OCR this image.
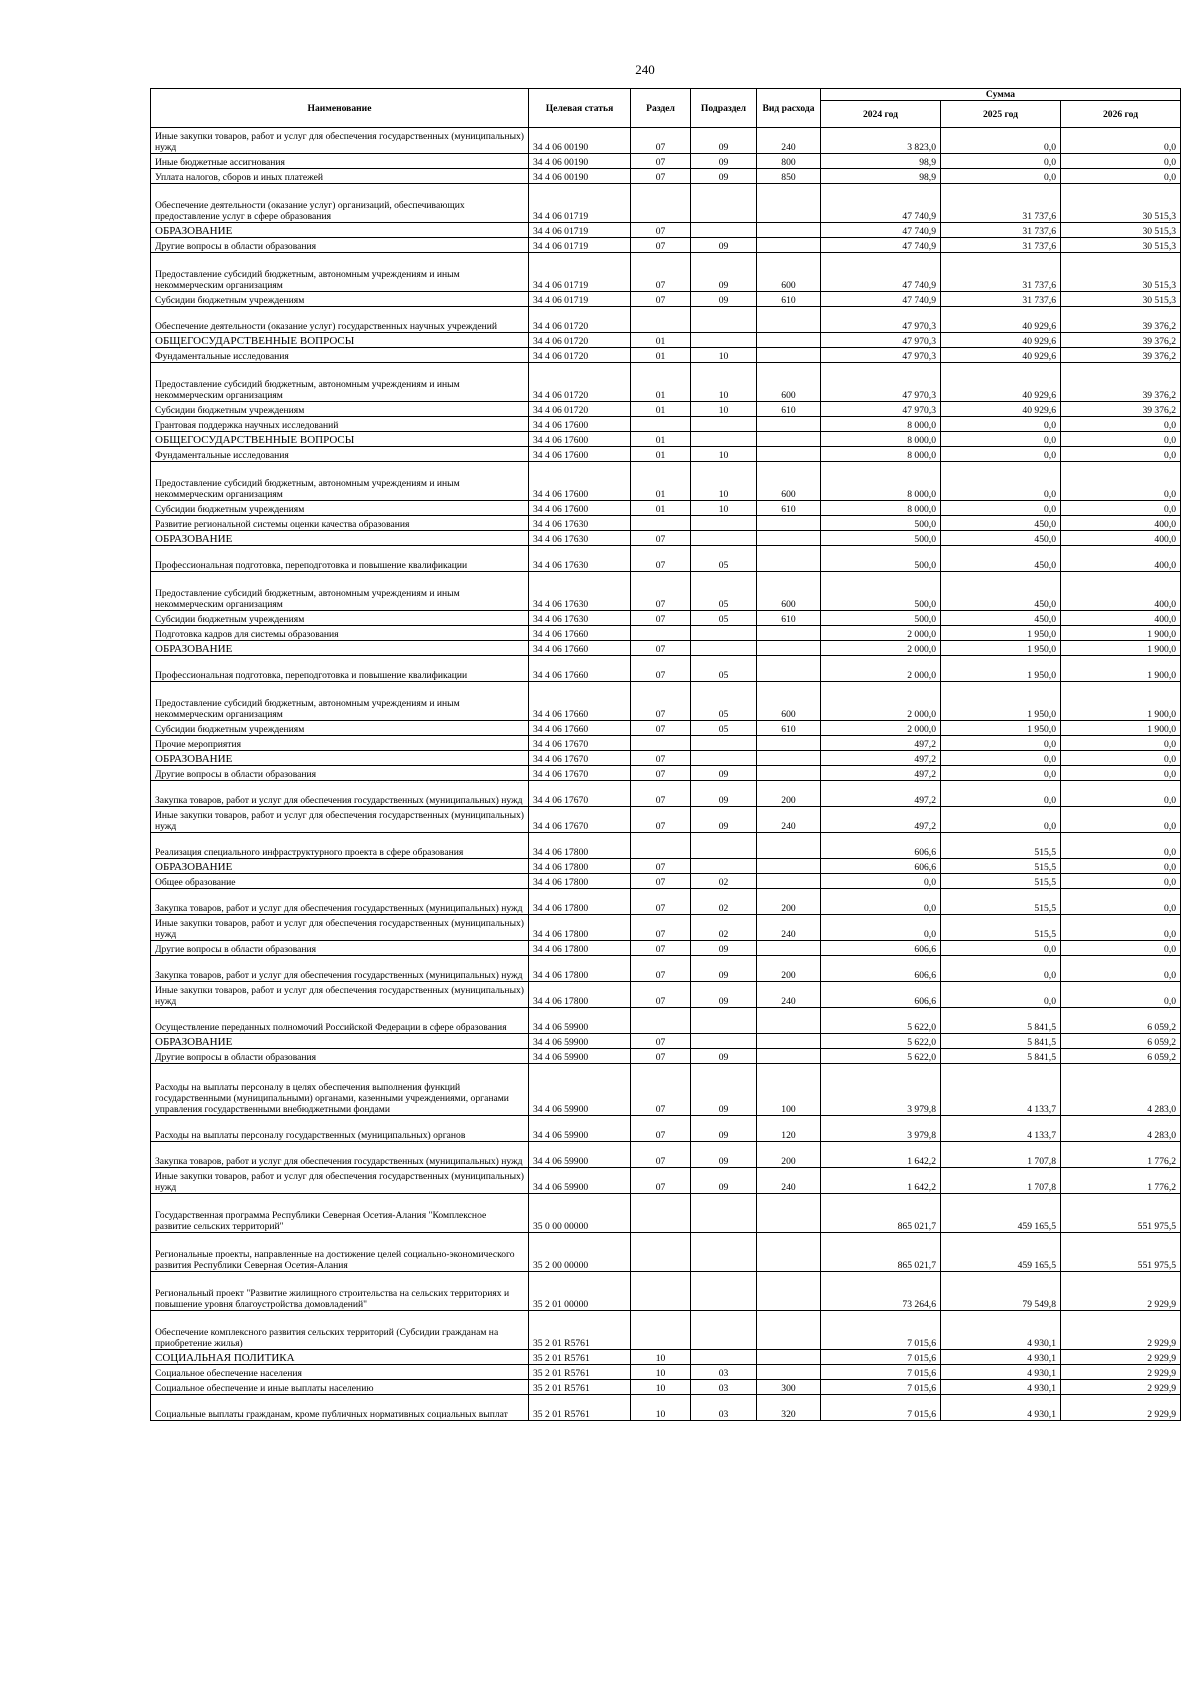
240
Наименование	Целевая статья	Раздел	Подраздел	Вид расхода	Сумма		
					2024 год	2025 год	2026 год
Иные закупки товаров, работ и услуг для обеспечения государственных (муниципальных) нужд	34 4 06 00190	07	09	240	3 823,0	0,0	0,0
Иные бюджетные ассигнования	34 4 06 00190	07	09	800	98,9	0,0	0,0
Уплата налогов, сборов и иных платежей	34 4 06 00190	07	09	850	98,9	0,0	0,0
Обеспечение деятельности (оказание услуг) организаций, обеспечивающих предоставление услуг в сфере образования	34 4 06 01719				47 740,9	31 737,6	30 515,3
ОБРАЗОВАНИЕ	34 4 06 01719	07			47 740,9	31 737,6	30 515,3
Другие вопросы в области образования	34 4 06 01719	07	09		47 740,9	31 737,6	30 515,3
Предоставление субсидий бюджетным, автономным учреждениям и иным некоммерческим организациям	34 4 06 01719	07	09	600	47 740,9	31 737,6	30 515,3
Субсидии бюджетным учреждениям	34 4 06 01719	07	09	610	47 740,9	31 737,6	30 515,3
Обеспечение деятельности (оказание услуг) государственных научных учреждений	34 4 06 01720				47 970,3	40 929,6	39 376,2
ОБЩЕГОСУДАРСТВЕННЫЕ ВОПРОСЫ	34 4 06 01720	01			47 970,3	40 929,6	39 376,2
Фундаментальные исследования	34 4 06 01720	01	10		47 970,3	40 929,6	39 376,2
Предоставление субсидий бюджетным, автономным учреждениям и иным некоммерческим организациям	34 4 06 01720	01	10	600	47 970,3	40 929,6	39 376,2
Субсидии бюджетным учреждениям	34 4 06 01720	01	10	610	47 970,3	40 929,6	39 376,2
Грантовая поддержка научных исследований	34 4 06 17600				8 000,0	0,0	0,0
ОБЩЕГОСУДАРСТВЕННЫЕ ВОПРОСЫ	34 4 06 17600	01			8 000,0	0,0	0,0
Фундаментальные исследования	34 4 06 17600	01	10		8 000,0	0,0	0,0
Предоставление субсидий бюджетным, автономным учреждениям и иным некоммерческим организациям	34 4 06 17600	01	10	600	8 000,0	0,0	0,0
Субсидии бюджетным учреждениям	34 4 06 17600	01	10	610	8 000,0	0,0	0,0
Развитие региональной системы оценки качества образования	34 4 06 17630				500,0	450,0	400,0
ОБРАЗОВАНИЕ	34 4 06 17630	07			500,0	450,0	400,0
Профессиональная подготовка, переподготовка и повышение квалификации	34 4 06 17630	07	05		500,0	450,0	400,0
Предоставление субсидий бюджетным, автономным учреждениям и иным некоммерческим организациям	34 4 06 17630	07	05	600	500,0	450,0	400,0
Субсидии бюджетным учреждениям	34 4 06 17630	07	05	610	500,0	450,0	400,0
Подготовка кадров для системы образования	34 4 06 17660				2 000,0	1 950,0	1 900,0
ОБРАЗОВАНИЕ	34 4 06 17660	07			2 000,0	1 950,0	1 900,0
Профессиональная подготовка, переподготовка и повышение квалификации	34 4 06 17660	07	05		2 000,0	1 950,0	1 900,0
Предоставление субсидий бюджетным, автономным учреждениям и иным некоммерческим организациям	34 4 06 17660	07	05	600	2 000,0	1 950,0	1 900,0
Субсидии бюджетным учреждениям	34 4 06 17660	07	05	610	2 000,0	1 950,0	1 900,0
Прочие мероприятия	34 4 06 17670				497,2	0,0	0,0
ОБРАЗОВАНИЕ	34 4 06 17670	07			497,2	0,0	0,0
Другие вопросы в области образования	34 4 06 17670	07	09		497,2	0,0	0,0
Закупка товаров, работ и услуг для обеспечения государственных (муниципальных) нужд	34 4 06 17670	07	09	200	497,2	0,0	0,0
Иные закупки товаров, работ и услуг для обеспечения государственных (муниципальных) нужд	34 4 06 17670	07	09	240	497,2	0,0	0,0
Реализация специального инфраструктурного проекта в сфере образования	34 4 06 17800				606,6	515,5	0,0
ОБРАЗОВАНИЕ	34 4 06 17800	07			606,6	515,5	0,0
Общее образование	34 4 06 17800	07	02		0,0	515,5	0,0
Закупка товаров, работ и услуг для обеспечения государственных (муниципальных) нужд	34 4 06 17800	07	02	200	0,0	515,5	0,0
Иные закупки товаров, работ и услуг для обеспечения государственных (муниципальных) нужд	34 4 06 17800	07	02	240	0,0	515,5	0,0
Другие вопросы в области образования	34 4 06 17800	07	09		606,6	0,0	0,0
Закупка товаров, работ и услуг для обеспечения государственных (муниципальных) нужд	34 4 06 17800	07	09	200	606,6	0,0	0,0
Иные закупки товаров, работ и услуг для обеспечения государственных (муниципальных) нужд	34 4 06 17800	07	09	240	606,6	0,0	0,0
Осуществление переданных полномочий Российской Федерации в сфере образования	34 4 06 59900				5 622,0	5 841,5	6 059,2
ОБРАЗОВАНИЕ	34 4 06 59900	07			5 622,0	5 841,5	6 059,2
Другие вопросы в области образования	34 4 06 59900	07	09		5 622,0	5 841,5	6 059,2
Расходы на выплаты персоналу в целях обеспечения выполнения функций государственными (муниципальными) органами, казенными учреждениями, органами управления государственными внебюджетными фондами	34 4 06 59900	07	09	100	3 979,8	4 133,7	4 283,0
Расходы на выплаты персоналу государственных (муниципальных) органов	34 4 06 59900	07	09	120	3 979,8	4 133,7	4 283,0
Закупка товаров, работ и услуг для обеспечения государственных (муниципальных) нужд	34 4 06 59900	07	09	200	1 642,2	1 707,8	1 776,2
Иные закупки товаров, работ и услуг для обеспечения государственных (муниципальных) нужд	34 4 06 59900	07	09	240	1 642,2	1 707,8	1 776,2
Государственная программа Республики Северная Осетия-Алания "Комплексное развитие сельских территорий"	35 0 00 00000				865 021,7	459 165,5	551 975,5
Региональные проекты, направленные на достижение целей социально-экономического развития Республики Северная Осетия-Алания	35 2 00 00000				865 021,7	459 165,5	551 975,5
Региональный проект "Развитие жилищного строительства на сельских территориях и повышение уровня благоустройства домовладений"	35 2 01 00000				73 264,6	79 549,8	2 929,9
Обеспечение комплексного развития сельских территорий (Субсидии гражданам на приобретение жилья)	35 2 01 R5761				7 015,6	4 930,1	2 929,9
СОЦИАЛЬНАЯ ПОЛИТИКА	35 2 01 R5761	10			7 015,6	4 930,1	2 929,9
Социальное обеспечение населения	35 2 01 R5761	10	03		7 015,6	4 930,1	2 929,9
Социальное обеспечение и иные выплаты населению	35 2 01 R5761	10	03	300	7 015,6	4 930,1	2 929,9
Социальные выплаты гражданам, кроме публичных нормативных социальных выплат	35 2 01 R5761	10	03	320	7 015,6	4 930,1	2 929,9
